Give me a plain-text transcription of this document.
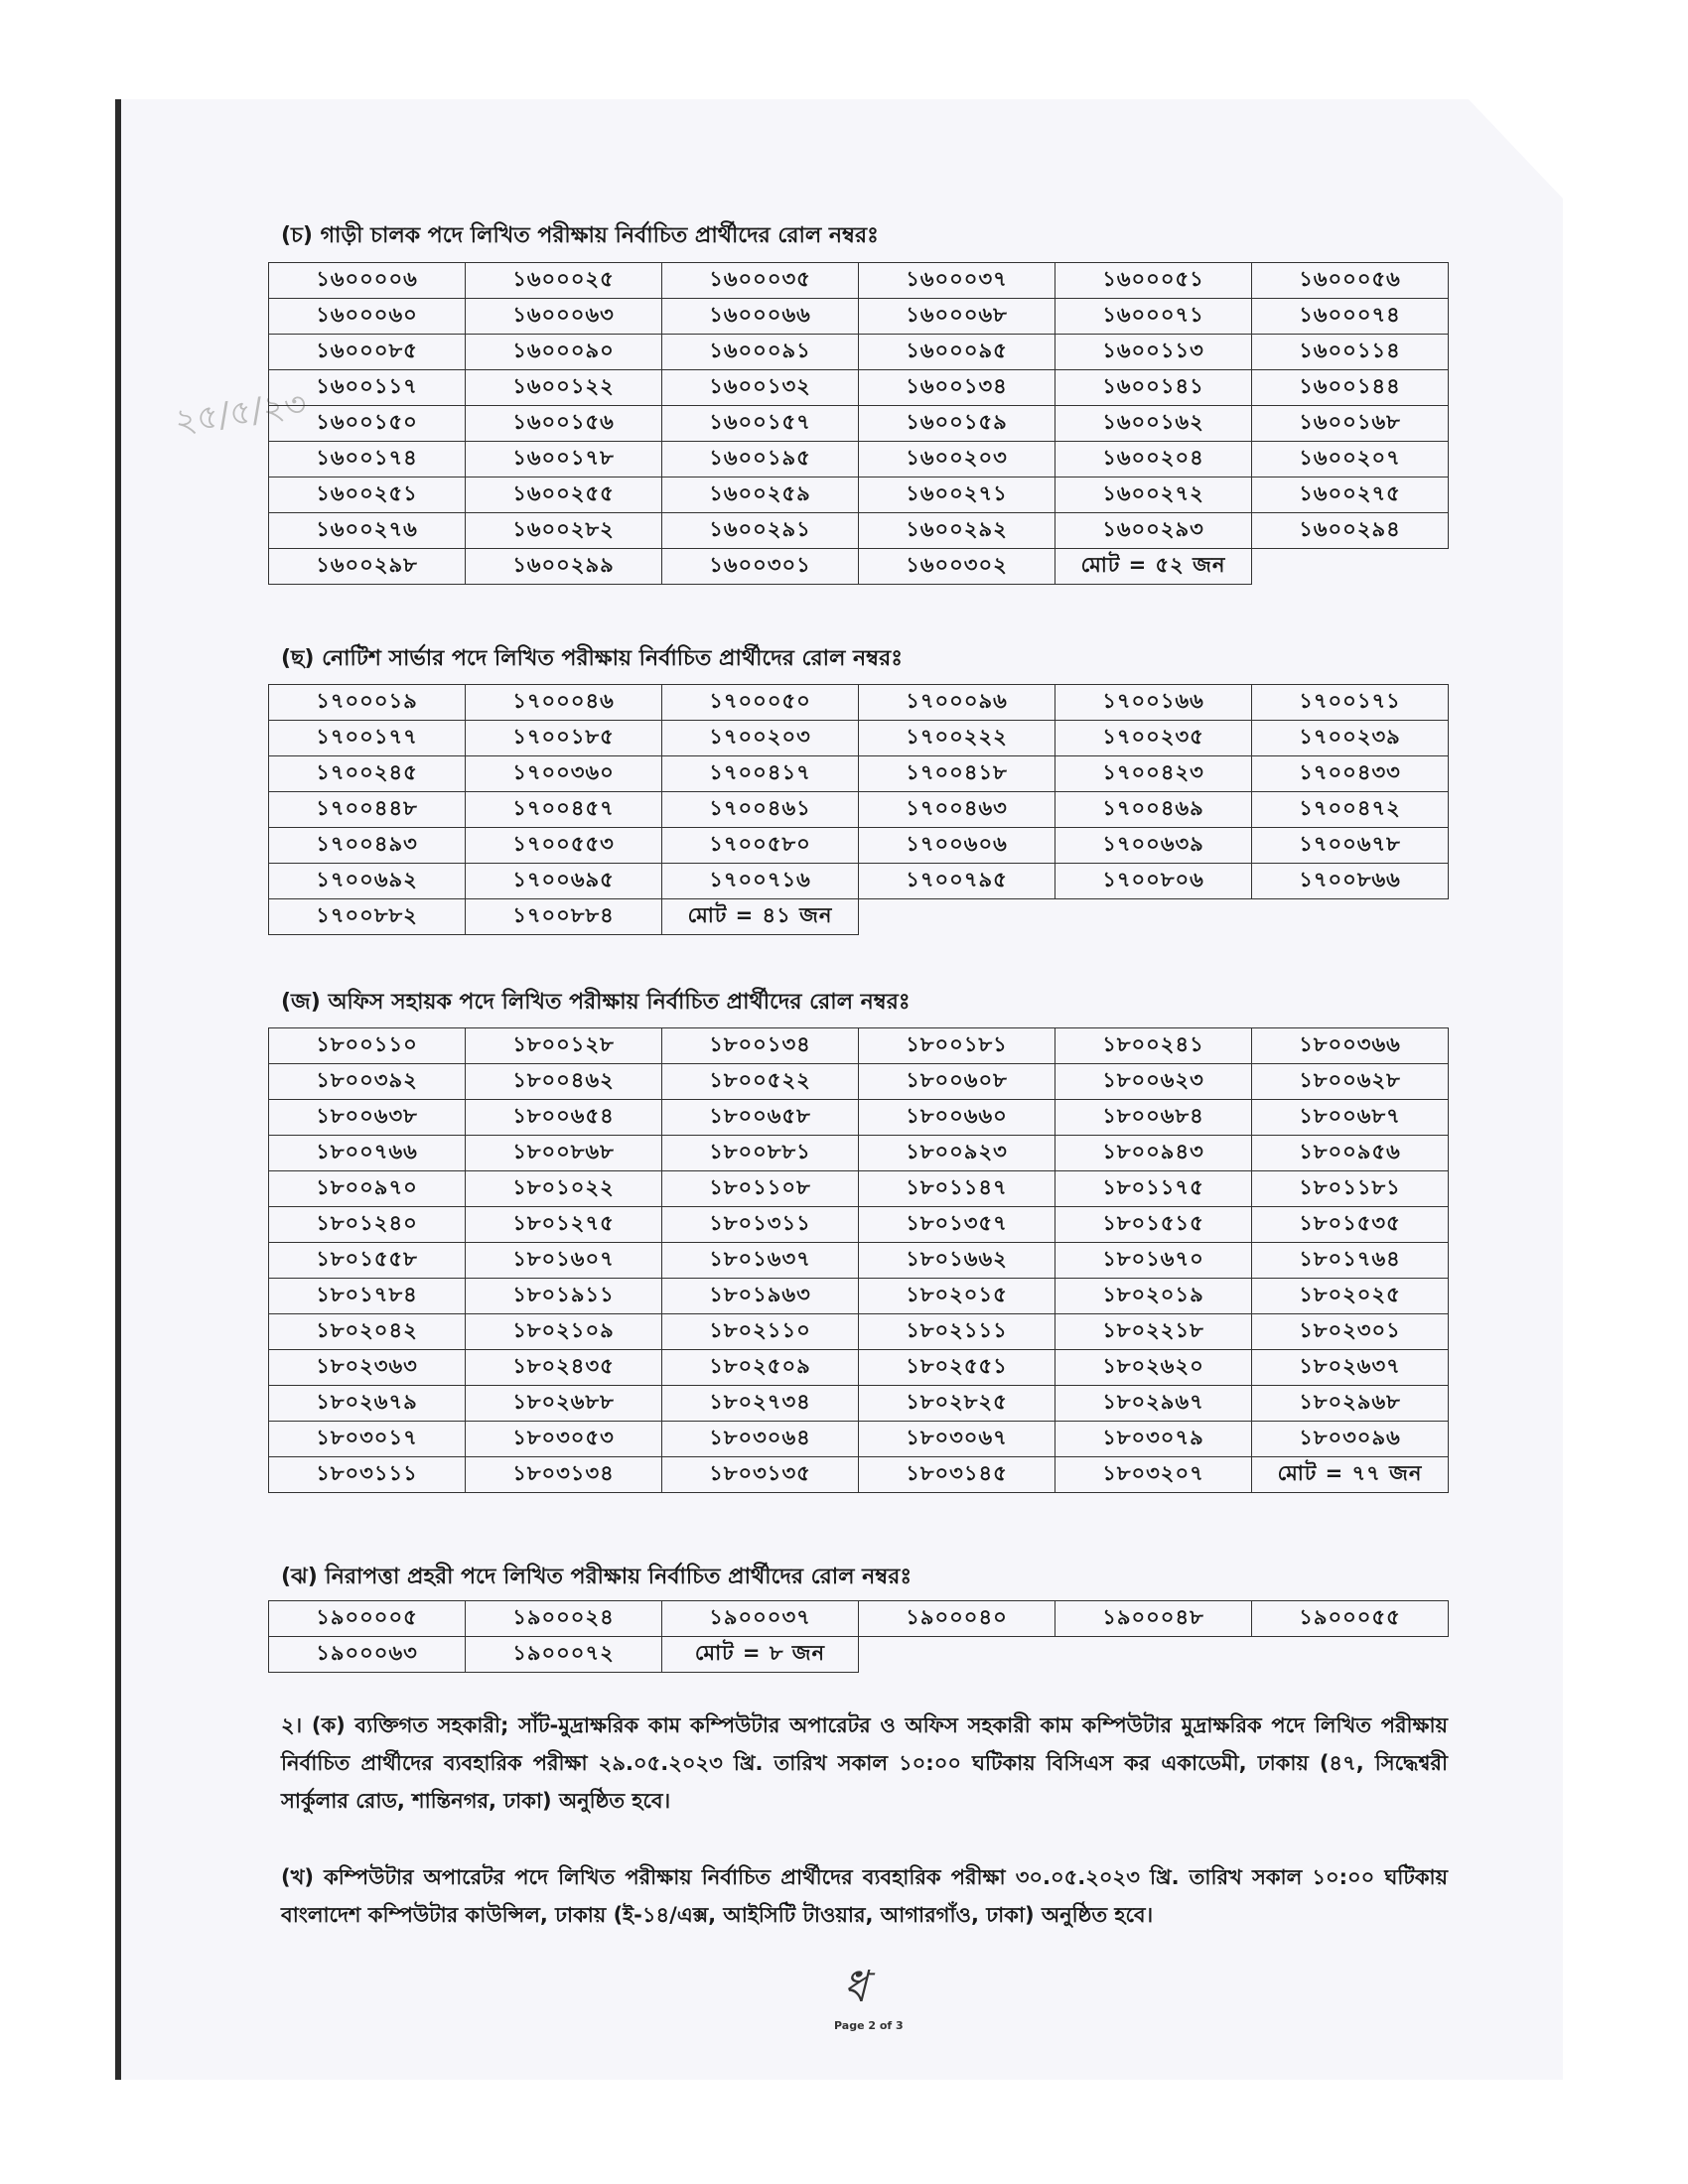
২৫/৫/২৩
(চ) গাড়ী চালক পদে লিখিত পরীক্ষায় নির্বাচিত প্রার্থীদের রোল নম্বরঃ
১৬০০০০৬	১৬০০০২৫	১৬০০০৩৫	১৬০০০৩৭	১৬০০০৫১	১৬০০০৫৬
১৬০০০৬০	১৬০০০৬৩	১৬০০০৬৬	১৬০০০৬৮	১৬০০০৭১	১৬০০০৭৪
১৬০০০৮৫	১৬০০০৯০	১৬০০০৯১	১৬০০০৯৫	১৬০০১১৩	১৬০০১১৪
১৬০০১১৭	১৬০০১২২	১৬০০১৩২	১৬০০১৩৪	১৬০০১৪১	১৬০০১৪৪
১৬০০১৫০	১৬০০১৫৬	১৬০০১৫৭	১৬০০১৫৯	১৬০০১৬২	১৬০০১৬৮
১৬০০১৭৪	১৬০০১৭৮	১৬০০১৯৫	১৬০০২০৩	১৬০০২০৪	১৬০০২০৭
১৬০০২৫১	১৬০০২৫৫	১৬০০২৫৯	১৬০০২৭১	১৬০০২৭২	১৬০০২৭৫
১৬০০২৭৬	১৬০০২৮২	১৬০০২৯১	১৬০০২৯২	১৬০০২৯৩	১৬০০২৯৪
১৬০০২৯৮	১৬০০২৯৯	১৬০০৩০১	১৬০০৩০২	মোট = ৫২ জন	
(ছ) নোটিশ সার্ভার পদে লিখিত পরীক্ষায় নির্বাচিত প্রার্থীদের রোল নম্বরঃ
১৭০০০১৯	১৭০০০৪৬	১৭০০০৫০	১৭০০০৯৬	১৭০০১৬৬	১৭০০১৭১
১৭০০১৭৭	১৭০০১৮৫	১৭০০২০৩	১৭০০২২২	১৭০০২৩৫	১৭০০২৩৯
১৭০০২৪৫	১৭০০৩৬০	১৭০০৪১৭	১৭০০৪১৮	১৭০০৪২৩	১৭০০৪৩৩
১৭০০৪৪৮	১৭০০৪৫৭	১৭০০৪৬১	১৭০০৪৬৩	১৭০০৪৬৯	১৭০০৪৭২
১৭০০৪৯৩	১৭০০৫৫৩	১৭০০৫৮০	১৭০০৬০৬	১৭০০৬৩৯	১৭০০৬৭৮
১৭০০৬৯২	১৭০০৬৯৫	১৭০০৭১৬	১৭০০৭৯৫	১৭০০৮০৬	১৭০০৮৬৬
১৭০০৮৮২	১৭০০৮৮৪	মোট = ৪১ জন			
(জ) অফিস সহায়ক পদে লিখিত পরীক্ষায় নির্বাচিত প্রার্থীদের রোল নম্বরঃ
১৮০০১১০	১৮০০১২৮	১৮০০১৩৪	১৮০০১৮১	১৮০০২৪১	১৮০০৩৬৬
১৮০০৩৯২	১৮০০৪৬২	১৮০০৫২২	১৮০০৬০৮	১৮০০৬২৩	১৮০০৬২৮
১৮০০৬৩৮	১৮০০৬৫৪	১৮০০৬৫৮	১৮০০৬৬০	১৮০০৬৮৪	১৮০০৬৮৭
১৮০০৭৬৬	১৮০০৮৬৮	১৮০০৮৮১	১৮০০৯২৩	১৮০০৯৪৩	১৮০০৯৫৬
১৮০০৯৭০	১৮০১০২২	১৮০১১০৮	১৮০১১৪৭	১৮০১১৭৫	১৮০১১৮১
১৮০১২৪০	১৮০১২৭৫	১৮০১৩১১	১৮০১৩৫৭	১৮০১৫১৫	১৮০১৫৩৫
১৮০১৫৫৮	১৮০১৬০৭	১৮০১৬৩৭	১৮০১৬৬২	১৮০১৬৭০	১৮০১৭৬৪
১৮০১৭৮৪	১৮০১৯১১	১৮০১৯৬৩	১৮০২০১৫	১৮০২০১৯	১৮০২০২৫
১৮০২০৪২	১৮০২১০৯	১৮০২১১০	১৮০২১১১	১৮০২২১৮	১৮০২৩০১
১৮০২৩৬৩	১৮০২৪৩৫	১৮০২৫০৯	১৮০২৫৫১	১৮০২৬২০	১৮০২৬৩৭
১৮০২৬৭৯	১৮০২৬৮৮	১৮০২৭৩৪	১৮০২৮২৫	১৮০২৯৬৭	১৮০২৯৬৮
১৮০৩০১৭	১৮০৩০৫৩	১৮০৩০৬৪	১৮০৩০৬৭	১৮০৩০৭৯	১৮০৩০৯৬
১৮০৩১১১	১৮০৩১৩৪	১৮০৩১৩৫	১৮০৩১৪৫	১৮০৩২০৭	মোট = ৭৭ জন
(ঝ) নিরাপত্তা প্রহরী পদে লিখিত পরীক্ষায় নির্বাচিত প্রার্থীদের রোল নম্বরঃ
১৯০০০০৫	১৯০০০২৪	১৯০০০৩৭	১৯০০০৪০	১৯০০০৪৮	১৯০০০৫৫
১৯০০০৬৩	১৯০০০৭২	মোট = ৮ জন			
২। (ক) ব্যক্তিগত সহকারী; সাঁট-মুদ্রাক্ষরিক কাম কম্পিউটার অপারেটর ও অফিস সহকারী কাম কম্পিউটার মুদ্রাক্ষরিক পদে লিখিত পরীক্ষায় নির্বাচিত প্রার্থীদের ব্যবহারিক পরীক্ষা ২৯.০৫.২০২৩ খ্রি. তারিখ সকাল ১০:০০ ঘটিকায় বিসিএস কর একাডেমী, ঢাকায় (৪৭, সিদ্ধেশ্বরী সার্কুলার রোড, শান্তিনগর, ঢাকা) অনুষ্ঠিত হবে।
(খ) কম্পিউটার অপারেটর পদে লিখিত পরীক্ষায় নির্বাচিত প্রার্থীদের ব্যবহারিক পরীক্ষা ৩০.০৫.২০২৩ খ্রি. তারিখ সকাল ১০:০০ ঘটিকায় বাংলাদেশ কম্পিউটার কাউন্সিল, ঢাকায় (ই-১৪/এক্স, আইসিটি টাওয়ার, আগারগাঁও, ঢাকা) অনুষ্ঠিত হবে।
ধ
Page 2 of 3
